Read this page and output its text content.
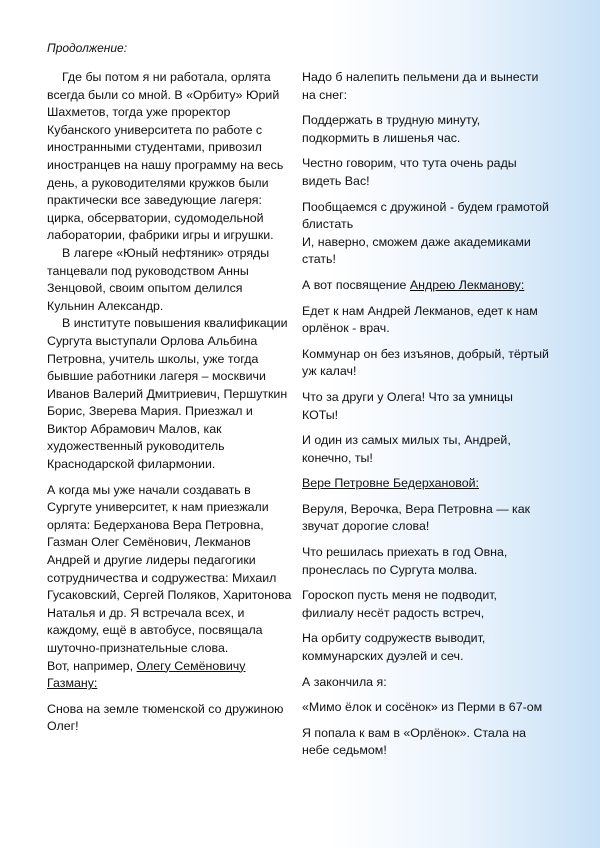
Продолжение:

Где бы потом я ни работала, орлята всегда были со мной. В «Орбиту» Юрий Шахметов, тогда уже проректор Кубанского университета по работе с иностранными студентами, привозил иностранцев на нашу программу на весь день, а руководителями кружков были практически все заведующие лагеря: цирка, обсерватории, судомодельной лаборатории, фабрики игры и игрушки.

В лагере «Юный нефтяник» отряды танцевали под руководством Анны Зенцовой, своим опытом делился Кульнин Александр.

В институте повышения квалификации Сургута выступали Орлова Альбина Петровна, учитель школы, уже тогда бывшие работники лагеря – москвичи Иванов Валерий Дмитриевич, Першуткин Борис, Зверева Мария. Приезжал и Виктор Абрамович Малов, как художественный руководитель Краснодарской филармонии.

А когда мы уже начали создавать в Сургуте университет, к нам приезжали орлята: Бедерханова Вера Петровна, Газман Олег Семёнович, Лекманов Андрей и другие лидеры педагогики сотрудничества и содружества: Михаил Гусаковский, Сергей Поляков, Харитонова Наталья и др. Я встречала всех, и каждому, ещё в автобусе, посвящала шуточно-признательные слова.

Вот, например, Олегу Семёновичу Газману:

Снова на земле тюменской со дружиною Олег!

Надо б налепить пельмени да и вынести на снег:

Поддержать в трудную минуту, подкормить в лишенья час.

Честно говорим, что тута очень рады видеть Вас!

Пообщаемся с дружиной - будем грамотой блистать

И, наверно, сможем даже академиками стать!

А вот посвящение Андрею Лекманову:

Едет к нам Андрей Лекманов, едет к нам орлёнок - врач.

Коммунар он без изъянов, добрый, тёртый уж калач!

Что за други у Олега! Что за умницы КОТы!

И один из самых милых ты, Андрей, конечно, ты!

Вере Петровне Бедерхановой:

Веруля, Верочка, Вера Петровна — как звучат дорогие слова!

Что решилась приехать в год Овна, пронеслась по Сургута молва.

Гороскоп пусть меня не подводит, филиалу несёт радость встреч,

На орбиту содружеств выводит, коммунарских дуэлей и сеч.

А закончила я:

«Мимо ёлок и сосёнок» из Перми в 67-ом

Я попала к вам в «Орлёнок». Стала на небе седьмом!
